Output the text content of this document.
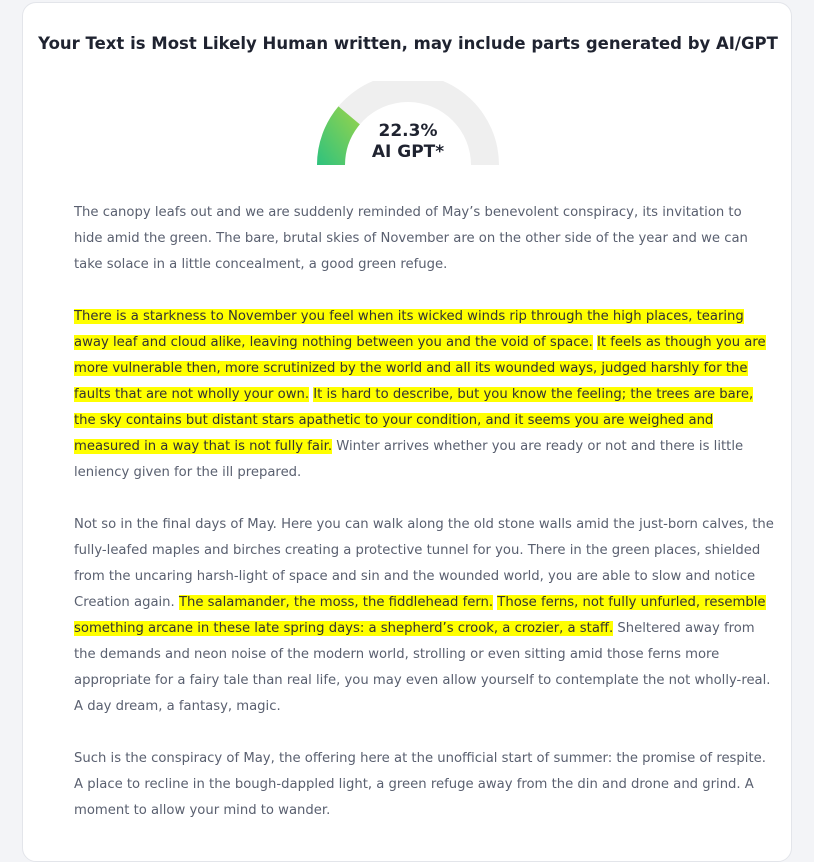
Your Text is Most Likely Human written, may include parts generated by AI/GPT
22.3%
AI GPT*

The canopy leafs out and we are suddenly reminded of May’s benevolent conspiracy, its invitation to hide amid the green. The bare, brutal skies of November are on the other side of the year and we can take solace in a little concealment, a good green refuge.

There is a starkness to November you feel when its wicked winds rip through the high places, tearing away leaf and cloud alike, leaving nothing between you and the void of space. It feels as though you are more vulnerable then, more scrutinized by the world and all its wounded ways, judged harshly for the faults that are not wholly your own. It is hard to describe, but you know the feeling; the trees are bare, the sky contains but distant stars apathetic to your condition, and it seems you are weighed and measured in a way that is not fully fair. Winter arrives whether you are ready or not and there is little leniency given for the ill prepared.

Not so in the final days of May. Here you can walk along the old stone walls amid the just-born calves, the fully-leafed maples and birches creating a protective tunnel for you. There in the green places, shielded from the uncaring harsh-light of space and sin and the wounded world, you are able to slow and notice Creation again. The salamander, the moss, the fiddlehead fern. Those ferns, not fully unfurled, resemble something arcane in these late spring days: a shepherd’s crook, a crozier, a staff. Sheltered away from the demands and neon noise of the modern world, strolling or even sitting amid those ferns more appropriate for a fairy tale than real life, you may even allow yourself to contemplate the not wholly-real. A day dream, a fantasy, magic.

Such is the conspiracy of May, the offering here at the unofficial start of summer: the promise of respite. A place to recline in the bough-dappled light, a green refuge away from the din and drone and grind. A moment to allow your mind to wander.
